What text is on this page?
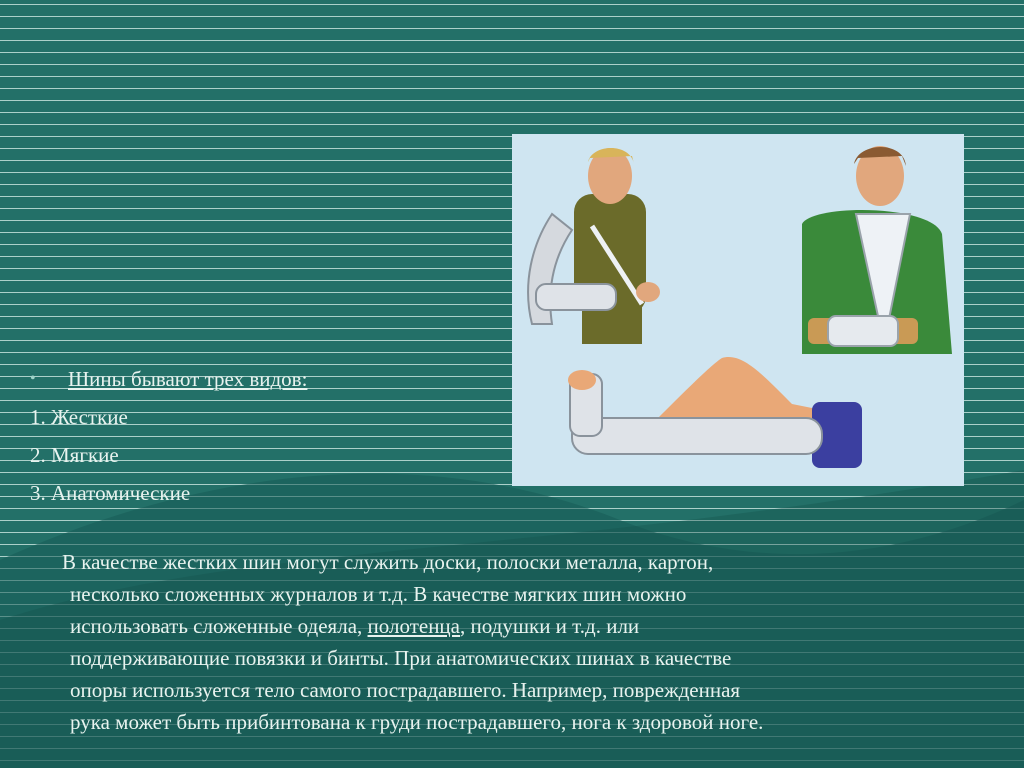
•	Шины бывают трех видов:
1. Жесткие
2. Мягкие
3. Анатомические
В качестве жестких шин могут служить доски, полоски металла, картон,
несколько сложенных журналов и т.д. В качестве мягких шин можно
использовать сложенные одеяла, полотенца, подушки и т.д. или
поддерживающие повязки и бинты. При анатомических шинах в качестве
опоры используется тело самого пострадавшего. Например, поврежденная
рука может быть прибинтована к груди пострадавшего, нога к здоровой ноге.
